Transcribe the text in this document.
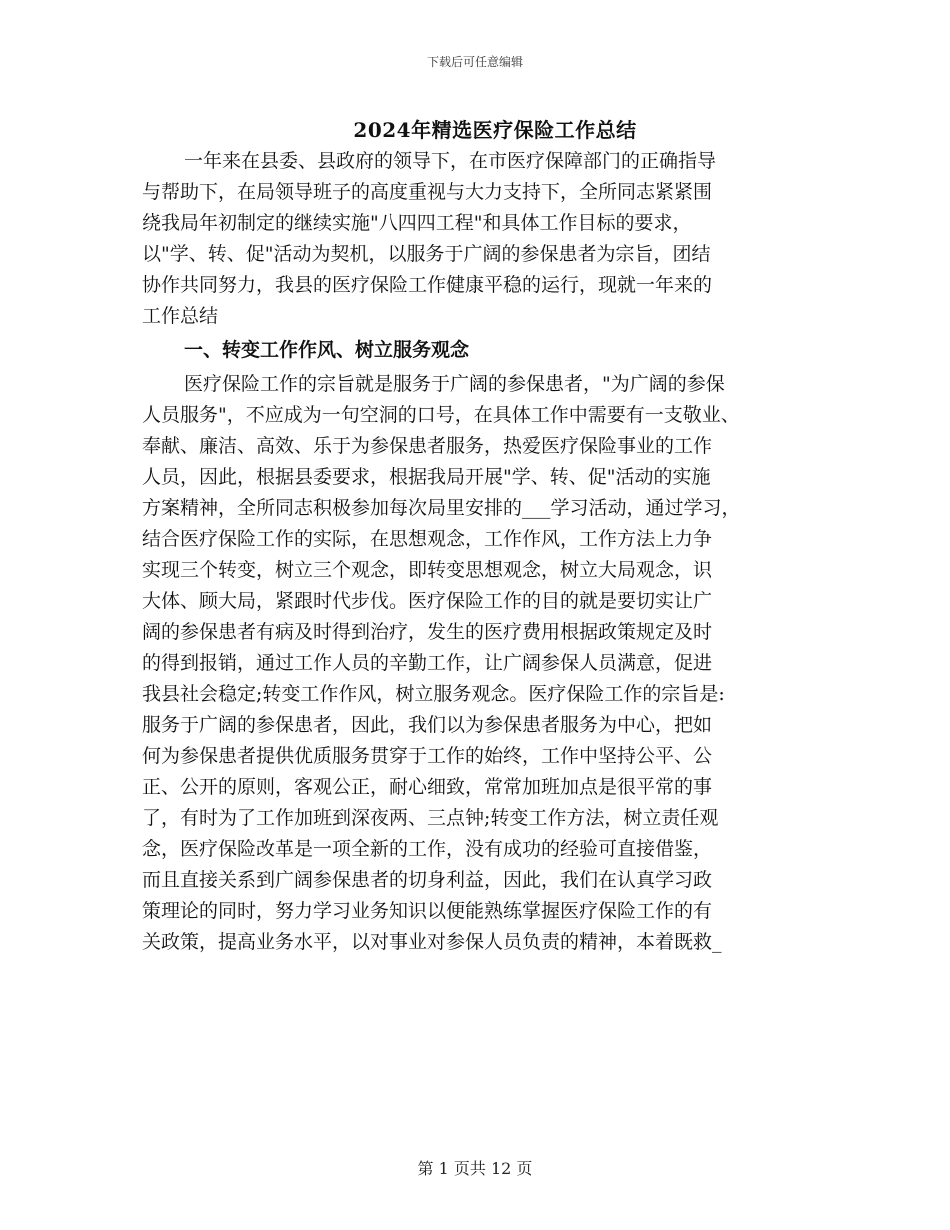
下载后可任意编辑
2024年精选医疗保险工作总结

一年来在县委、县政府的领导下，在市医疗保障部门的正确指导
与帮助下，在局领导班子的高度重视与大力支持下，全所同志紧紧围
绕我局年初制定的继续实施"八四四工程"和具体工作目标的要求，
以"学、转、促"活动为契机，以服务于广阔的参保患者为宗旨，团结
协作共同努力，我县的医疗保险工作健康平稳的运行，现就一年来的
工作总结

一、转变工作作风、树立服务观念

医疗保险工作的宗旨就是服务于广阔的参保患者，"为广阔的参保
人员服务"，不应成为一句空洞的口号，在具体工作中需要有一支敬业、
奉献、廉洁、高效、乐于为参保患者服务，热爱医疗保险事业的工作
人员，因此，根据县委要求，根据我局开展"学、转、促"活动的实施
方案精神，全所同志积极参加每次局里安排的___学习活动，通过学习，
结合医疗保险工作的实际，在思想观念，工作作风，工作方法上力争
实现三个转变，树立三个观念，即转变思想观念，树立大局观念，识
大体、顾大局，紧跟时代步伐。医疗保险工作的目的就是要切实让广
阔的参保患者有病及时得到治疗，发生的医疗费用根据政策规定及时
的得到报销，通过工作人员的辛勤工作，让广阔参保人员满意，促进
我县社会稳定;转变工作作风，树立服务观念。医疗保险工作的宗旨是:
服务于广阔的参保患者，因此，我们以为参保患者服务为中心，把如
何为参保患者提供优质服务贯穿于工作的始终，工作中坚持公平、公
正、公开的原则，客观公正，耐心细致，常常加班加点是很平常的事
了，有时为了工作加班到深夜两、三点钟;转变工作方法，树立责任观
念，医疗保险改革是一项全新的工作，没有成功的经验可直接借鉴，
而且直接关系到广阔参保患者的切身利益，因此，我们在认真学习政
策理论的同时，努力学习业务知识以便能熟练掌握医疗保险工作的有
关政策，提高业务水平，以对事业对参保人员负责的精神，本着既救_

第 1 页共 12 页
